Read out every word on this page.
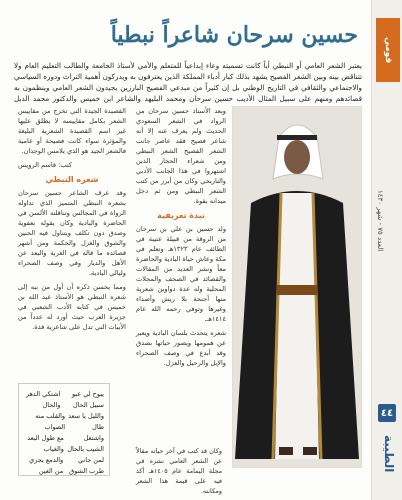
قومي
العدد ٧٥ - شهر ١٤٣٠
٤٤
الطيبة
حسين سرحان شاعراً نبطياً
يعتبر الشعر العامي أو النبطي أياً كانت تسميته وعاء إبداعياً للمتعلم والأمي لأستاذ الجامعة والطالب التعليم العام ولا تتناقض بينه وبين الشعر الفصيح يشهد بذلك كبار أدباء المملكة الذين يعترفون به ويدركون أهمية التراث ودوره السياسي والاجتماعي والثقافي في التاريخ الوطني بل إن كثيراً من مبدعي الفصيح البارزين يجيدون الشعر العامي وينظمون به قصائدهم ومنهم على سبيل المثال الأديب حسين سرحان ومحمد البليهد والشاعر ابن خميس والدكتور محمد الدبل

ويعد الأستاذ حسين سرحان من الرواد في الشعر السعودي الحديث ولم يعرف عنه إلا أنه شاعر فصيح فقد عاصر جانب الشعر الفصيح الشعر النبطي ومن شعراء الحجاز الذين اشتهروا في هذا الجانب الأدبي والتاريخي وكان من أبرز من كتب الشعر النبطي ومن ثم دخل ميدانه بقوة.

نبذة تعريفية

ولد حسين بن علي بن سرحان من الروقة من قبيلة عتيبة في الطائف عام ١٣٢٣هـ وتعلم في مكة وعاش حياة البادية والحاضرة معاً ونشر العديد من المقالات والقصائد في الصحف والمجلات المحلية وله عدة دواوين شعرية منها أجنحة بلا ريش وأصداء وغيرها وتوفي رحمه الله عام ١٤١٤هـ.

شعره يتحدث بلسان البادية ويعبر عن همومها ويصور حياتها بصدق وقد أبدع في وصف الصحراء والإبل والرحيل والغزل.

القصيدة الجيدة التي تخرج من مقاييس الشعر بكامل مقاييسه لا يطلق عليها غير اسم القصيدة الشعرية البليغة والمؤثرة سواء كانت فصيحة أو عامية فالشعر الجيد هو الذي يلامس الوجدان.

كتب: قاسم الرويس
شعره النبطي

وقد عرف الشاعر حسين سرحان بشعره النبطي المتميز الذي تداوله الرواة في المجالس وتناقلته الألسن في الحاضرة والبادية وكان يقوله بعفوية وصدق دون تكلف ويتناول فيه الحنين والشوق والغزل والحكمة ومن أشهر قصائده ما قاله في الغربة والبعد عن الأهل والديار وفي وصف الصحراء وليالي البادية.

ومما يحسن ذكره أن أول من نبه إلى شعره النبطي هو الأستاذ عبد الله بن خميس في كتابه الأدب الشعبي في جزيرة العرب حيث أورد له عدداً من الأبيات التي تدل على شاعرية فذة.

يبوح لي عبو سبيل الحال
اشتكي الدهر والحال
والليل يا سعد طال
والقلب منه الصواب
واشتغل الشيب بالحال
مع طول البعد والغياب
لمن جاني طرب الشوق
والدمع يجري من العين
وكان قد كتب في آخر حياته مقالاً عن الشعر العامي نشره في مجلة اليمامة عام ١٤٠٥هـ أكد فيه على قيمة هذا الشعر ومكانته.
